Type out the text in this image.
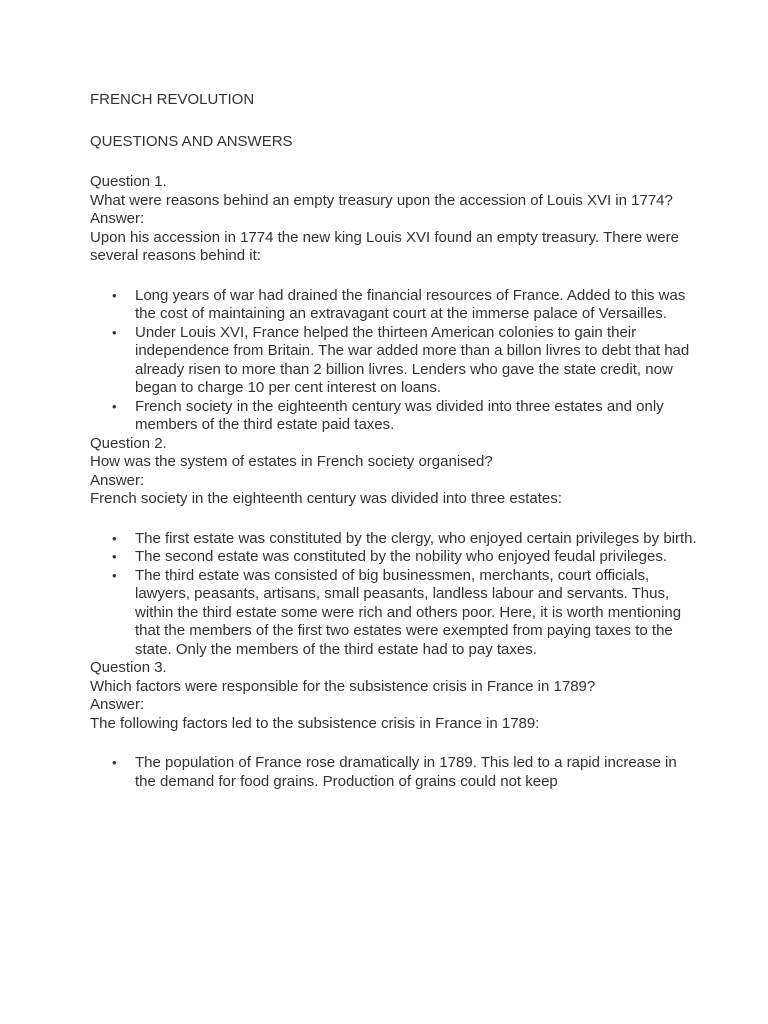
FRENCH REVOLUTION

QUESTIONS AND ANSWERS

Question 1.

What were reasons behind an empty treasury upon the accession of Louis XVI in 1774?

Answer:

Upon his accession in 1774 the new king Louis XVI found an empty treasury. There were several reasons behind it:

• Long years of war had drained the financial resources of France. Added to this was the cost of maintaining an extravagant court at the immerse palace of Versailles.
• Under Louis XVI, France helped the thirteen American colonies to gain their independence from Britain. The war added more than a billon livres to debt that had already risen to more than 2 billion livres. Lenders who gave the state credit, now began to charge 10 per cent interest on loans.
• French society in the eighteenth century was divided into three estates and only members of the third estate paid taxes.

Question 2.

How was the system of estates in French society organised?

Answer:

French society in the eighteenth century was divided into three estates:

• The first estate was constituted by the clergy, who enjoyed certain privileges by birth.
• The second estate was constituted by the nobility who enjoyed feudal privileges.
• The third estate was consisted of big businessmen, merchants, court officials, lawyers, peasants, artisans, small peasants, landless labour and servants. Thus, within the third estate some were rich and others poor. Here, it is worth mentioning that the members of the first two estates were exempted from paying taxes to the state. Only the members of the third estate had to pay taxes.

Question 3.

Which factors were responsible for the subsistence crisis in France in 1789?

Answer:

The following factors led to the subsistence crisis in France in 1789:

• The population of France rose dramatically in 1789. This led to a rapid increase in the demand for food grains. Production of grains could not keep
